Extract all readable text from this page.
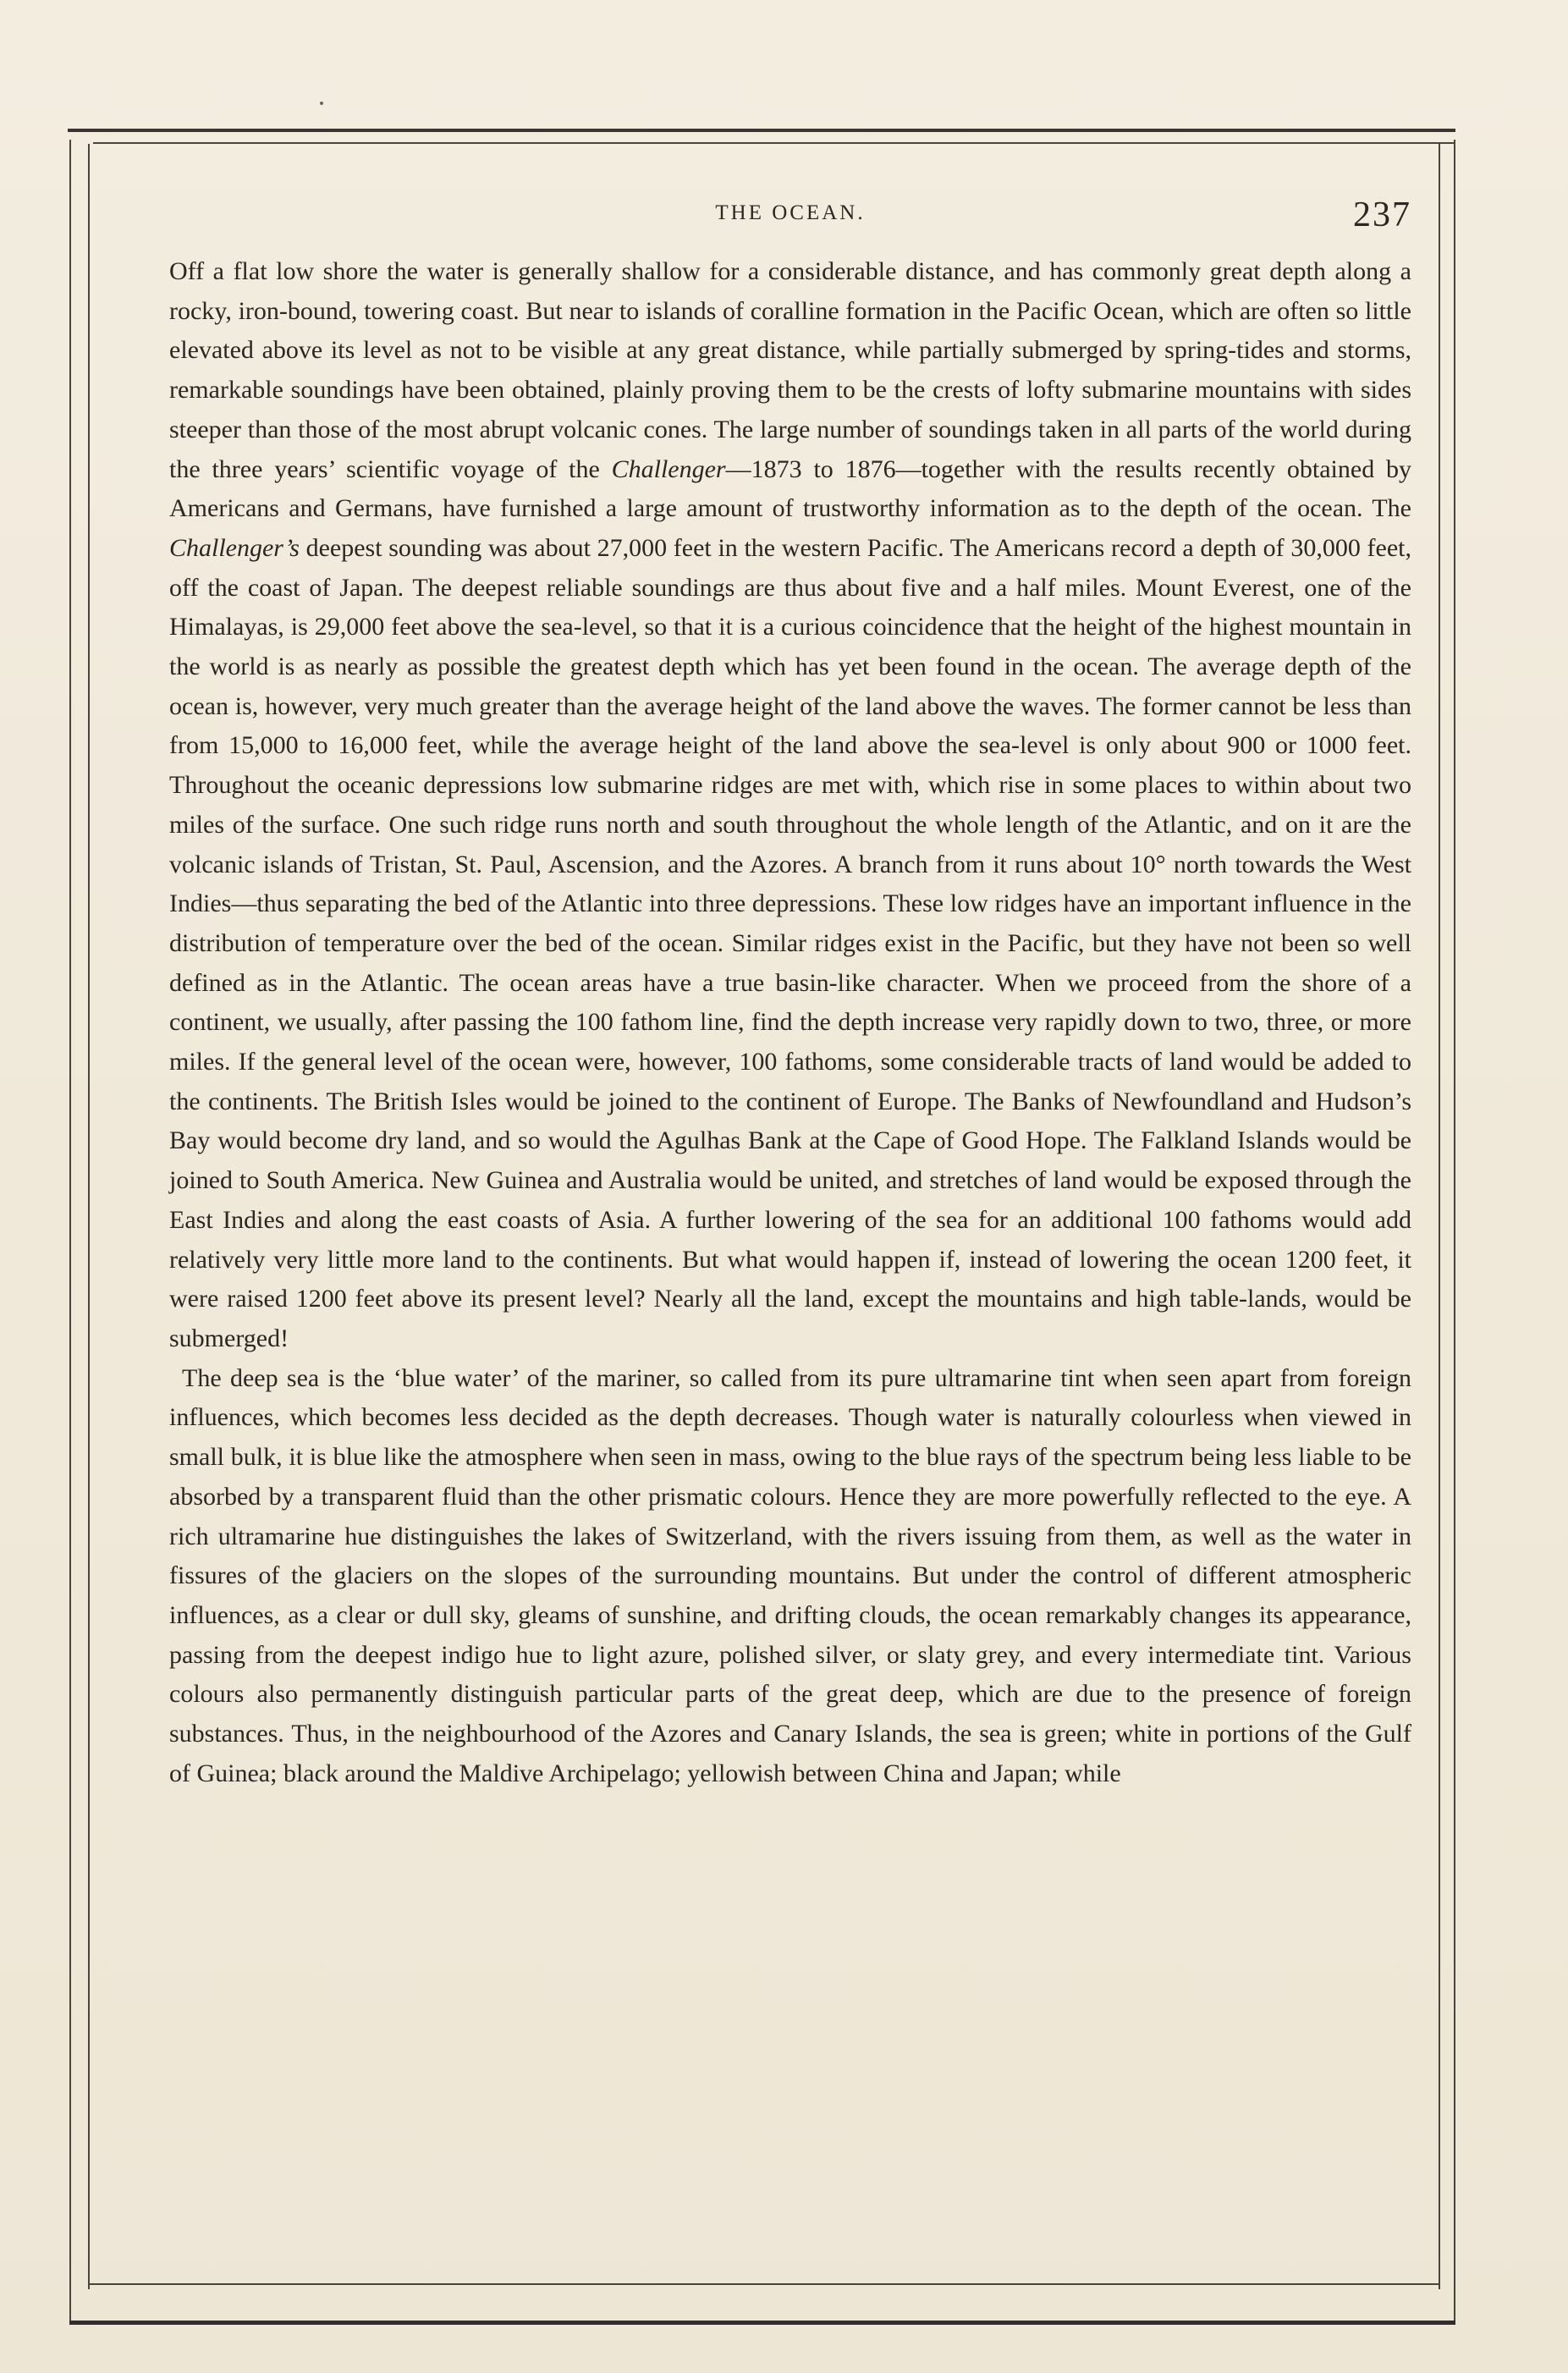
THE OCEAN.	237

Off a flat low shore the water is generally shallow for a considerable distance, and has commonly great depth along a rocky, iron-bound, towering coast. But near to islands of coralline formation in the Pacific Ocean, which are often so little elevated above its level as not to be visible at any great distance, while partially submerged by spring-tides and storms, remarkable soundings have been obtained, plainly proving them to be the crests of lofty submarine mountains with sides steeper than those of the most abrupt volcanic cones. The large number of soundings taken in all parts of the world during the three years’ scientific voyage of the Challenger—1873 to 1876—together with the results recently obtained by Americans and Germans, have furnished a large amount of trustworthy information as to the depth of the ocean. The Challenger’s deepest sounding was about 27,000 feet in the western Pacific. The Americans record a depth of 30,000 feet, off the coast of Japan. The deepest reliable soundings are thus about five and a half miles. Mount Everest, one of the Himalayas, is 29,000 feet above the sea-level, so that it is a curious coincidence that the height of the highest mountain in the world is as nearly as possible the greatest depth which has yet been found in the ocean. The average depth of the ocean is, however, very much greater than the average height of the land above the waves. The former cannot be less than from 15,000 to 16,000 feet, while the average height of the land above the sea-level is only about 900 or 1000 feet. Throughout the oceanic depressions low submarine ridges are met with, which rise in some places to within about two miles of the surface. One such ridge runs north and south throughout the whole length of the Atlantic, and on it are the volcanic islands of Tristan, St. Paul, Ascension, and the Azores. A branch from it runs about 10° north towards the West Indies—thus separating the bed of the Atlantic into three depressions. These low ridges have an important influence in the distribution of temperature over the bed of the ocean. Similar ridges exist in the Pacific, but they have not been so well defined as in the Atlantic. The ocean areas have a true basin-like character. When we proceed from the shore of a continent, we usually, after passing the 100 fathom line, find the depth increase very rapidly down to two, three, or more miles. If the general level of the ocean were, however, 100 fathoms, some considerable tracts of land would be added to the continents. The British Isles would be joined to the continent of Europe. The Banks of Newfoundland and Hudson’s Bay would become dry land, and so would the Agulhas Bank at the Cape of Good Hope. The Falkland Islands would be joined to South America. New Guinea and Australia would be united, and stretches of land would be exposed through the East Indies and along the east coasts of Asia. A further lowering of the sea for an additional 100 fathoms would add relatively very little more land to the continents. But what would happen if, instead of lowering the ocean 1200 feet, it were raised 1200 feet above its present level? Nearly all the land, except the mountains and high table-lands, would be submerged!

The deep sea is the ‘blue water’ of the mariner, so called from its pure ultramarine tint when seen apart from foreign influences, which becomes less decided as the depth decreases. Though water is naturally colourless when viewed in small bulk, it is blue like the atmosphere when seen in mass, owing to the blue rays of the spectrum being less liable to be absorbed by a transparent fluid than the other prismatic colours. Hence they are more powerfully reflected to the eye. A rich ultramarine hue distinguishes the lakes of Switzerland, with the rivers issuing from them, as well as the water in fissures of the glaciers on the slopes of the surrounding mountains. But under the control of different atmospheric influences, as a clear or dull sky, gleams of sunshine, and drifting clouds, the ocean remarkably changes its appearance, passing from the deepest indigo hue to light azure, polished silver, or slaty grey, and every intermediate tint. Various colours also permanently distinguish particular parts of the great deep, which are due to the presence of foreign substances. Thus, in the neighbourhood of the Azores and Canary Islands, the sea is green; white in portions of the Gulf of Guinea; black around the Maldive Archipelago; yellowish between China and Japan; while
